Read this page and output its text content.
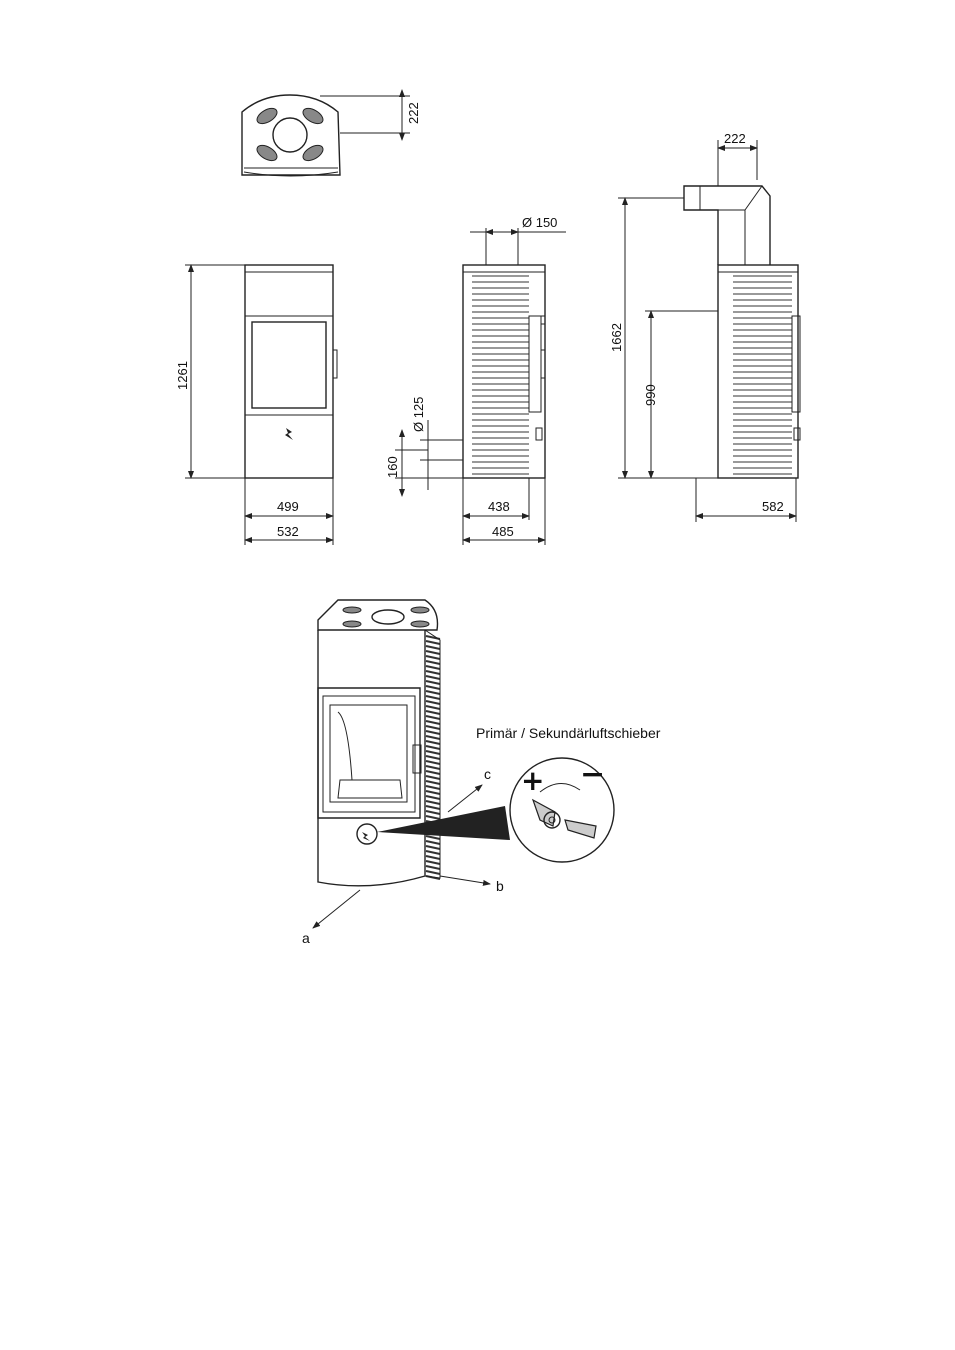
222
1261
499
532
Ø 150
Ø 125
160
438
485
222
1662
990
582
b
a
c + −
Primär / Sekundärluftschieber
